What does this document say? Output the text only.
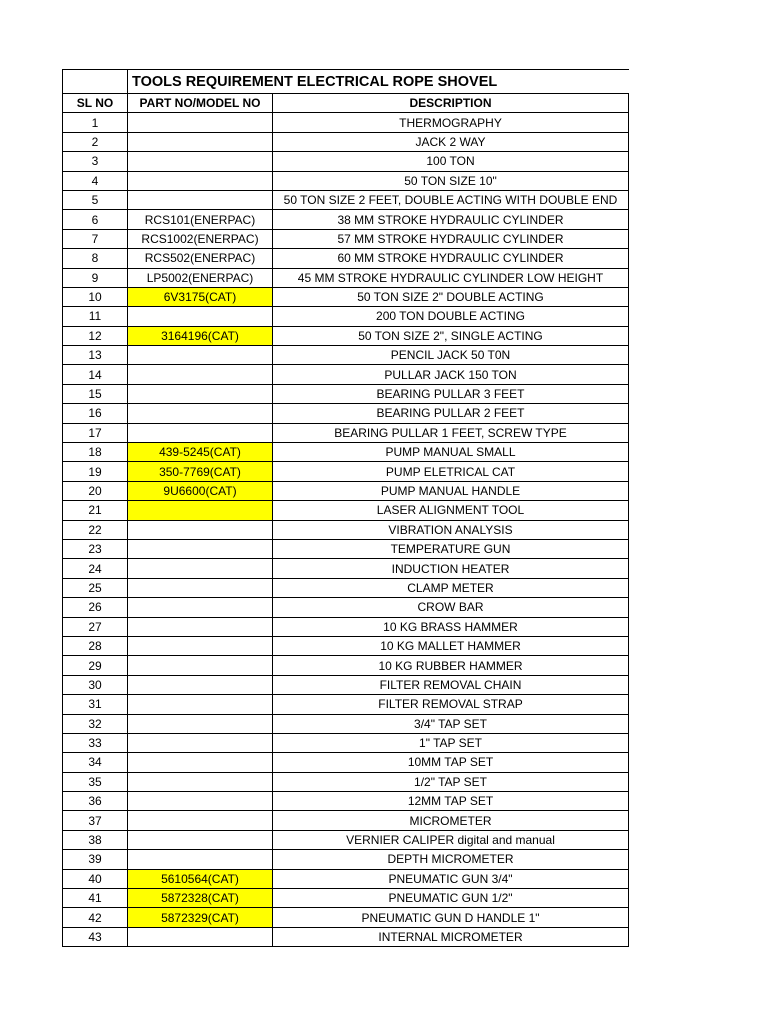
	TOOLS REQUIREMENT ELECTRICAL ROPE SHOVEL	
SL NO	PART NO/MODEL NO	DESCRIPTION
1		THERMOGRAPHY
2		JACK 2 WAY
3		100 TON
4		50 TON SIZE 10"
5		50 TON SIZE 2 FEET, DOUBLE ACTING WITH DOUBLE END
6	RCS101(ENERPAC)	38 MM STROKE HYDRAULIC CYLINDER
7	RCS1002(ENERPAC)	57 MM STROKE HYDRAULIC CYLINDER
8	RCS502(ENERPAC)	60 MM STROKE HYDRAULIC CYLINDER
9	LP5002(ENERPAC)	45 MM STROKE HYDRAULIC CYLINDER LOW HEIGHT
10	6V3175(CAT)	50 TON SIZE 2" DOUBLE ACTING
11		200 TON DOUBLE ACTING
12	3164196(CAT)	50 TON SIZE 2", SINGLE ACTING
13		PENCIL JACK 50 T0N
14		PULLAR JACK 150 TON
15		BEARING PULLAR 3 FEET
16		BEARING PULLAR 2 FEET
17		BEARING PULLAR 1 FEET, SCREW TYPE
18	439-5245(CAT)	PUMP MANUAL SMALL
19	350-7769(CAT)	PUMP ELETRICAL CAT
20	9U6600(CAT)	PUMP MANUAL HANDLE
21		LASER ALIGNMENT TOOL
22		VIBRATION ANALYSIS
23		TEMPERATURE GUN
24		INDUCTION HEATER
25		CLAMP METER
26		CROW BAR
27		10 KG BRASS HAMMER
28		10 KG MALLET HAMMER
29		10 KG RUBBER HAMMER
30		FILTER REMOVAL CHAIN
31		FILTER REMOVAL STRAP
32		3/4" TAP SET
33		1" TAP SET
34		10MM TAP SET
35		1/2" TAP SET
36		12MM TAP SET
37		MICROMETER
38		VERNIER CALIPER digital and manual
39		DEPTH MICROMETER
40	5610564(CAT)	PNEUMATIC GUN 3/4"
41	5872328(CAT)	PNEUMATIC GUN 1/2"
42	5872329(CAT)	PNEUMATIC GUN D HANDLE 1"
43		INTERNAL MICROMETER
